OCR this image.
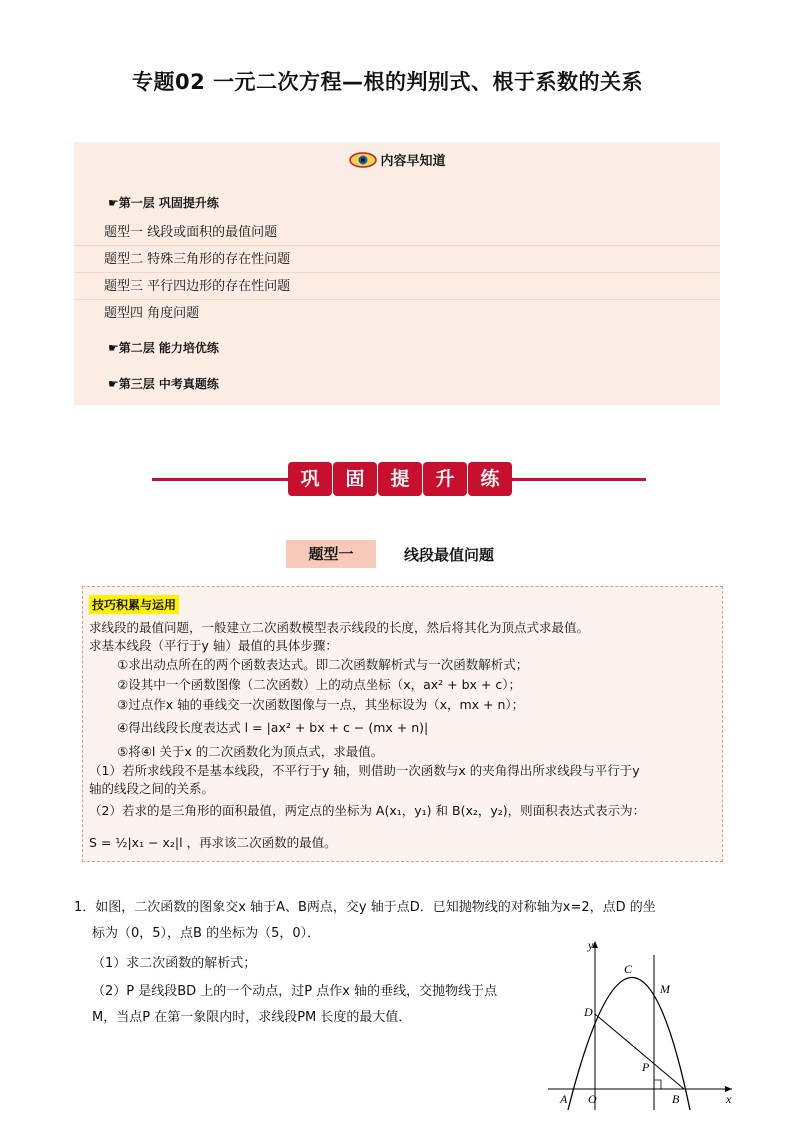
专题02 一元二次方程—根的判别式、根于系数的关系
内容早知道
☛第一层 巩固提升练
题型一 线段或面积的最值问题
题型二 特殊三角形的存在性问题
题型三 平行四边形的存在性问题
题型四 角度问题
☛第二层 能力培优练
☛第三层 中考真题练
巩	固	提	升	练
题型一	线段最值问题
技巧积累与运用
求线段的最值问题，一般建立二次函数模型表示线段的长度，然后将其化为顶点式求最值。
求基本线段（平行于y 轴）最值的具体步骤：
①求出动点所在的两个函数表达式。即二次函数解析式与一次函数解析式；
②设其中一个函数图像（二次函数）上的动点坐标（x，ax² + bx + c）；
③过点作x 轴的垂线交一次函数图像与一点，其坐标设为（x，mx + n）；
④得出线段长度表达式 l = |ax² + bx + c − (mx + n)|
⑤将④l 关于x 的二次函数化为顶点式，求最值。
（1）若所求线段不是基本线段，不平行于y 轴，则借助一次函数与x 的夹角得出所求线段与平行于y
轴的线段之间的关系。
（2）若求的是三角形的面积最值，两定点的坐标为 A(x₁，y₁) 和 B(x₂，y₂)，则面积表达式表示为：
S = ½|x₁ − x₂|l ，再求该二次函数的最值。
1．如图，二次函数的图象交x 轴于A、B两点，交y 轴于点D．已知抛物线的对称轴为x=2，点D 的坐
标为（0，5），点B 的坐标为（5，0）．
（1）求二次函数的解析式；
（2）P 是线段BD 上的一个动点，过P 点作x 轴的垂线，交抛物线于点
M，当点P 在第一象限内时，求线段PM 长度的最大值．
y
x
C
D
M
P
A O	B
